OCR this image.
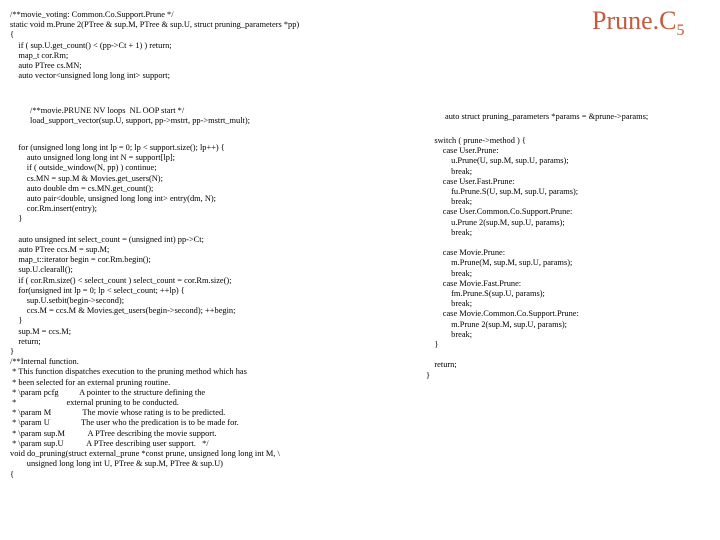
$Prune.C_5$
/**movie_voting: Common.Co.Support.Prune */
static void m.Prune 2(PTree & sup.M, PTree & sup.U, struct pruning_parameters *pp)
{
if ( sup.U.get_count() < (pp->Ct + 1) ) return;
map_t cor.Rm;
auto PTree cs.MN;
auto vector<unsigned long long int> support;
/**movie.PRUNE NV loops  NL OOP start */
load_support_vector(sup.U, support, pp->mstrt, pp->mstrt_mult);
for (unsigned long long int lp = 0; lp < support.size(); lp++) {
auto unsigned long long int N = support[lp];
if ( outside_window(N, pp) ) continue;
cs.MN = sup.M & Movies.get_users(N);
auto double dm = cs.MN.get_count();
auto pair<double, unsigned long long int> entry(dm, N);
cor.Rm.insert(entry);
}

auto unsigned int select_count = (unsigned int) pp->Ct;
auto PTree ccs.M = sup.M;
map_t::iterator begin = cor.Rm.begin();
sup.U.clearall();
if ( cor.Rm.size() < select_count ) select_count = cor.Rm.size();
for(unsigned int lp = 0; lp < select_count; ++lp) {
sup.U.setbit(begin->second);
ccs.M = ccs.M & Movies.get_users(begin->second); ++begin;
}
sup.M = ccs.M;
return;
}
/**Internal function.
* This function dispatches execution to the pruning method which has
* been selected for an external pruning routine.
* \param pcfg          A pointer to the structure defining the
*                        external pruning to be conducted.
* \param M               The movie whose rating is to be predicted.
* \param U               The user who the predication is to be made for.
* \param sup.M           A PTree describing the movie support.
* \param sup.U           A PTree describing user support.   */
void do_pruning(struct external_prune *const prune, unsigned long long int M, \
unsigned long long int U, PTree & sup.M, PTree & sup.U)
{
auto struct pruning_parameters *params = &prune->params;
switch ( prune->method ) {
case User.Prune:
u.Prune(U, sup.M, sup.U, params);
break;
case User.Fast.Prune:
fu.Prune.S(U, sup.M, sup.U, params);
break;
case User.Common.Co.Support.Prune:
u.Prune 2(sup.M, sup.U, params);
break;

case Movie.Prune:
m.Prune(M, sup.M, sup.U, params);
break;
case Movie.Fast.Prune:
fm.Prune.S(sup.U, params);
break;
case Movie.Common.Co.Support.Prune:
m.Prune 2(sup.M, sup.U, params);
break;
}

return;
}
